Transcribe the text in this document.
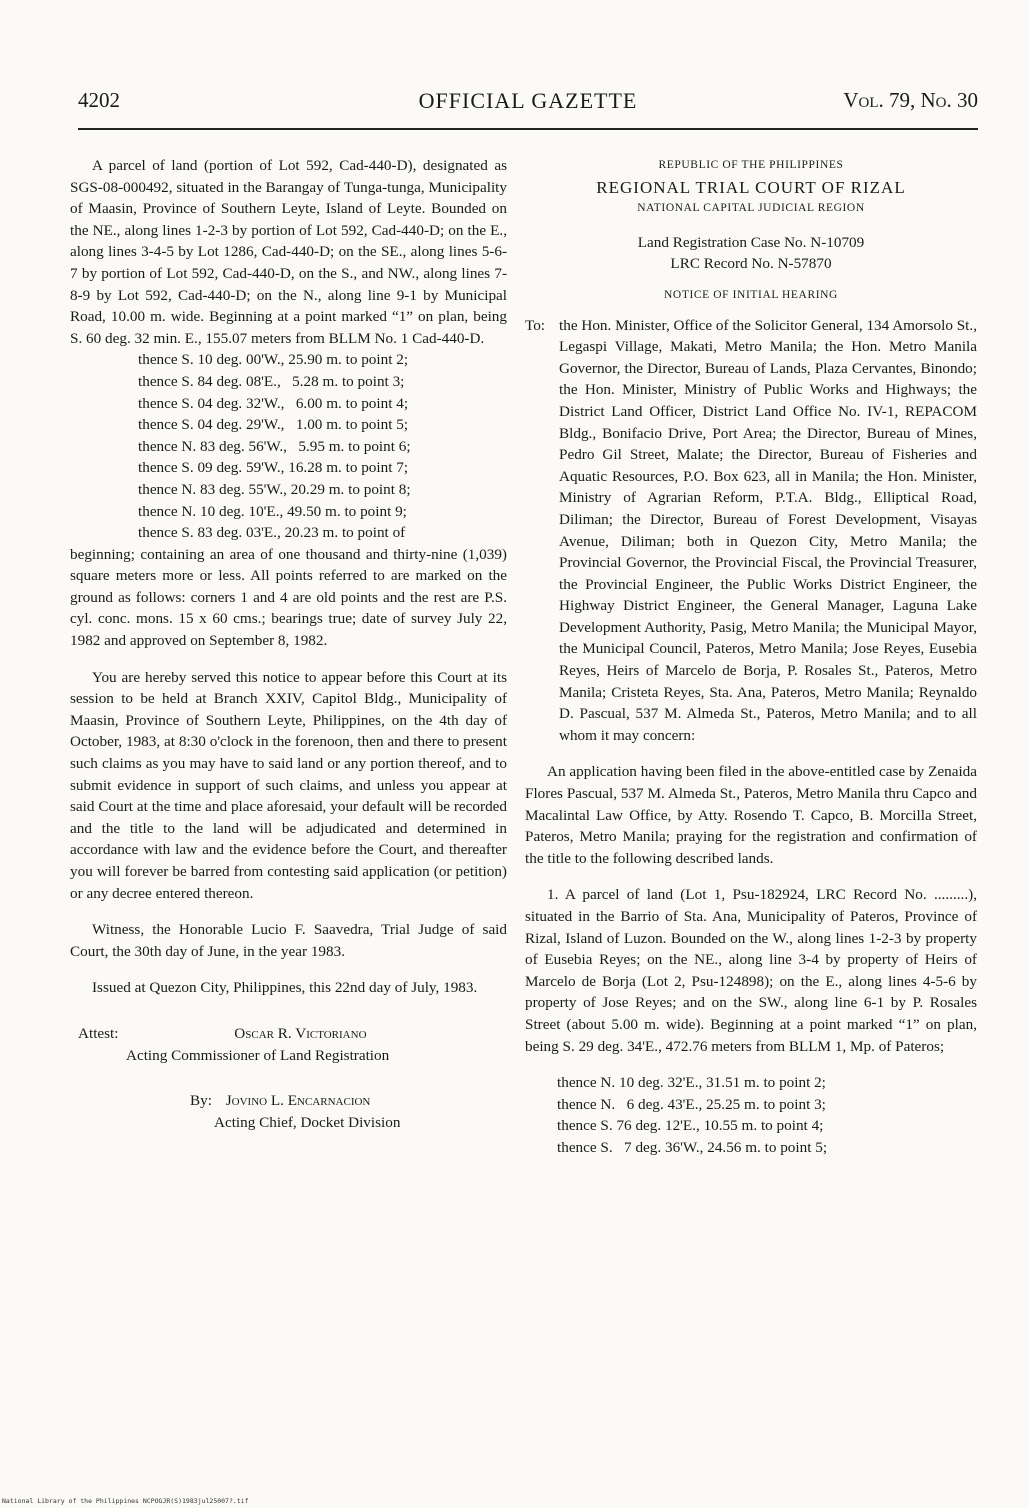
4202	OFFICIAL GAZETTE	Vol. 79, No. 30

A parcel of land (portion of Lot 592, Cad-440-D), designated as SGS-08-000492, situated in the Barangay of Tunga-tunga, Municipality of Maasin, Province of Southern Leyte, Island of Leyte. Bounded on the NE., along lines 1-2-3 by portion of Lot 592, Cad-440-D; on the E., along lines 3-4-5 by Lot 1286, Cad-440-D; on the SE., along lines 5-6-7 by portion of Lot 592, Cad-440-D, on the S., and NW., along lines 7-8-9 by Lot 592, Cad-440-D; on the N., along line 9-1 by Municipal Road, 10.00 m. wide. Beginning at a point marked “1” on plan, being S. 60 deg. 32 min. E., 155.07 meters from BLLM No. 1 Cad-440-D.

thence S. 10 deg. 00'W., 25.90 m. to point 2;

thence S. 84 deg. 08'E.,   5.28 m. to point 3;

thence S. 04 deg. 32'W.,   6.00 m. to point 4;

thence S. 04 deg. 29'W.,   1.00 m. to point 5;

thence N. 83 deg. 56'W.,   5.95 m. to point 6;

thence S. 09 deg. 59'W., 16.28 m. to point 7;

thence N. 83 deg. 55'W., 20.29 m. to point 8;

thence N. 10 deg. 10'E., 49.50 m. to point 9;

thence S. 83 deg. 03'E., 20.23 m. to point of

beginning; containing an area of one thousand and thirty-nine (1,039) square meters more or less. All points referred to are marked on the ground as follows: corners 1 and 4 are old points and the rest are P.S. cyl. conc. mons. 15 x 60 cms.; bearings true; date of survey July 22, 1982 and approved on September 8, 1982.

You are hereby served this notice to appear before this Court at its session to be held at Branch XXIV, Capitol Bldg., Municipality of Maasin, Province of Southern Leyte, Philippines, on the 4th day of October, 1983, at 8:30 o'clock in the forenoon, then and there to present such claims as you may have to said land or any portion thereof, and to submit evidence in support of such claims, and unless you appear at said Court at the time and place aforesaid, your default will be recorded and the title to the land will be adjudicated and determined in accordance with law and the evidence before the Court, and thereafter you will forever be barred from contesting said application (or petition) or any decree entered thereon.

Witness, the Honorable Lucio F. Saavedra, Trial Judge of said Court, the 30th day of June, in the year 1983.

Issued at Quezon City, Philippines, this 22nd day of July, 1983.

Attest:	Oscar R. Victoriano

Acting Commissioner of Land Registration

By: Jovino L. Encarnacion

Acting Chief, Docket Division

REPUBLIC OF THE PHILIPPINES

REGIONAL TRIAL COURT OF RIZAL

NATIONAL CAPITAL JUDICIAL REGION

Land Registration Case No. N-10709

LRC Record No. N-57870

NOTICE OF INITIAL HEARING

To: the Hon. Minister, Office of the Solicitor General, 134 Amorsolo St., Legaspi Village, Makati, Metro Manila; the Hon. Metro Manila Governor, the Director, Bureau of Lands, Plaza Cervantes, Binondo; the Hon. Minister, Ministry of Public Works and Highways; the District Land Officer, District Land Office No. IV-1, REPACOM Bldg., Bonifacio Drive, Port Area; the Director, Bureau of Mines, Pedro Gil Street, Malate; the Director, Bureau of Fisheries and Aquatic Resources, P.O. Box 623, all in Manila; the Hon. Minister, Ministry of Agrarian Reform, P.T.A. Bldg., Elliptical Road, Diliman; the Director, Bureau of Forest Development, Visayas Avenue, Diliman; both in Quezon City, Metro Manila; the Provincial Governor, the Provincial Fiscal, the Provincial Treasurer, the Provincial Engineer, the Public Works District Engineer, the Highway District Engineer, the General Manager, Laguna Lake Development Authority, Pasig, Metro Manila; the Municipal Mayor, the Municipal Council, Pateros, Metro Manila; Jose Reyes, Eusebia Reyes, Heirs of Marcelo de Borja, P. Rosales St., Pateros, Metro Manila; Cristeta Reyes, Sta. Ana, Pateros, Metro Manila; Reynaldo D. Pascual, 537 M. Almeda St., Pateros, Metro Manila; and to all whom it may concern:

An application having been filed in the above-entitled case by Zenaida Flores Pascual, 537 M. Almeda St., Pateros, Metro Manila thru Capco and Macalintal Law Office, by Atty. Rosendo T. Capco, B. Morcilla Street, Pateros, Metro Manila; praying for the registration and confirmation of the title to the following described lands.

1. A parcel of land (Lot 1, Psu-182924, LRC Record No. .........), situated in the Barrio of Sta. Ana, Municipality of Pateros, Province of Rizal, Island of Luzon. Bounded on the W., along lines 1-2-3 by property of Eusebia Reyes; on the NE., along line 3-4 by property of Heirs of Marcelo de Borja (Lot 2, Psu-124898); on the E., along lines 4-5-6 by property of Jose Reyes; and on the SW., along line 6-1 by P. Rosales Street (about 5.00 m. wide). Beginning at a point marked “1” on plan, being S. 29 deg. 34'E., 472.76 meters from BLLM 1, Mp. of Pateros;

thence N. 10 deg. 32'E., 31.51 m. to point 2;

thence N.   6 deg. 43'E., 25.25 m. to point 3;

thence S. 76 deg. 12'E., 10.55 m. to point 4;

thence S.   7 deg. 36'W., 24.56 m. to point 5;

National Library of the Philippines NCPOGJR(S)1983jul25007?.tif
